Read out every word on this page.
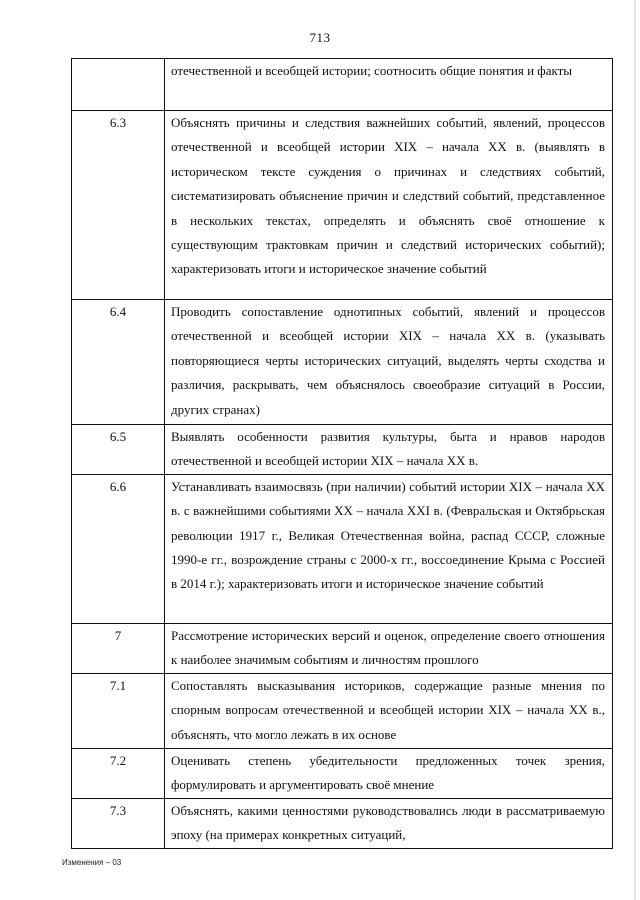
713
	отечественной и всеобщей истории; соотносить общие понятия и факты
6.3	Объяснять причины и следствия важнейших событий, явлений, процессов отечественной и всеобщей истории XIX – начала XX в. (выявлять в историческом тексте суждения о причинах и следствиях событий, систематизировать объяснение причин и следствий событий, представленное в нескольких текстах, определять и объяснять своё отношение к существующим трактовкам причин и следствий исторических событий); характеризовать итоги и историческое значение событий
6.4	Проводить сопоставление однотипных событий, явлений и процессов отечественной и всеобщей истории XIX – начала XX в. (указывать повторяющиеся черты исторических ситуаций, выделять черты сходства и различия, раскрывать, чем объяснялось своеобразие ситуаций в России, других странах)
6.5	Выявлять особенности развития культуры, быта и нравов народов отечественной и всеобщей истории XIX – начала XX в.
6.6	Устанавливать взаимосвязь (при наличии) событий истории XIX – начала XX в. с важнейшими событиями XX – начала XXI в. (Февральская и Октябрьская революции 1917 г., Великая Отечественная война, распад СССР, сложные 1990-е гг., возрождение страны с 2000-х гг., воссоединение Крыма с Россией в 2014 г.); характеризовать итоги и историческое значение событий
7	Рассмотрение исторических версий и оценок, определение своего отношения к наиболее значимым событиям и личностям прошлого
7.1	Сопоставлять высказывания историков, содержащие разные мнения по спорным вопросам отечественной и всеобщей истории XIX – начала XX в., объяснять, что могло лежать в их основе
7.2	Оценивать степень убедительности предложенных точек зрения, формулировать и аргументировать своё мнение
7.3	Объяснять, какими ценностями руководствовались люди в рассматриваемую эпоху (на примерах конкретных ситуаций,
Изменения – 03
